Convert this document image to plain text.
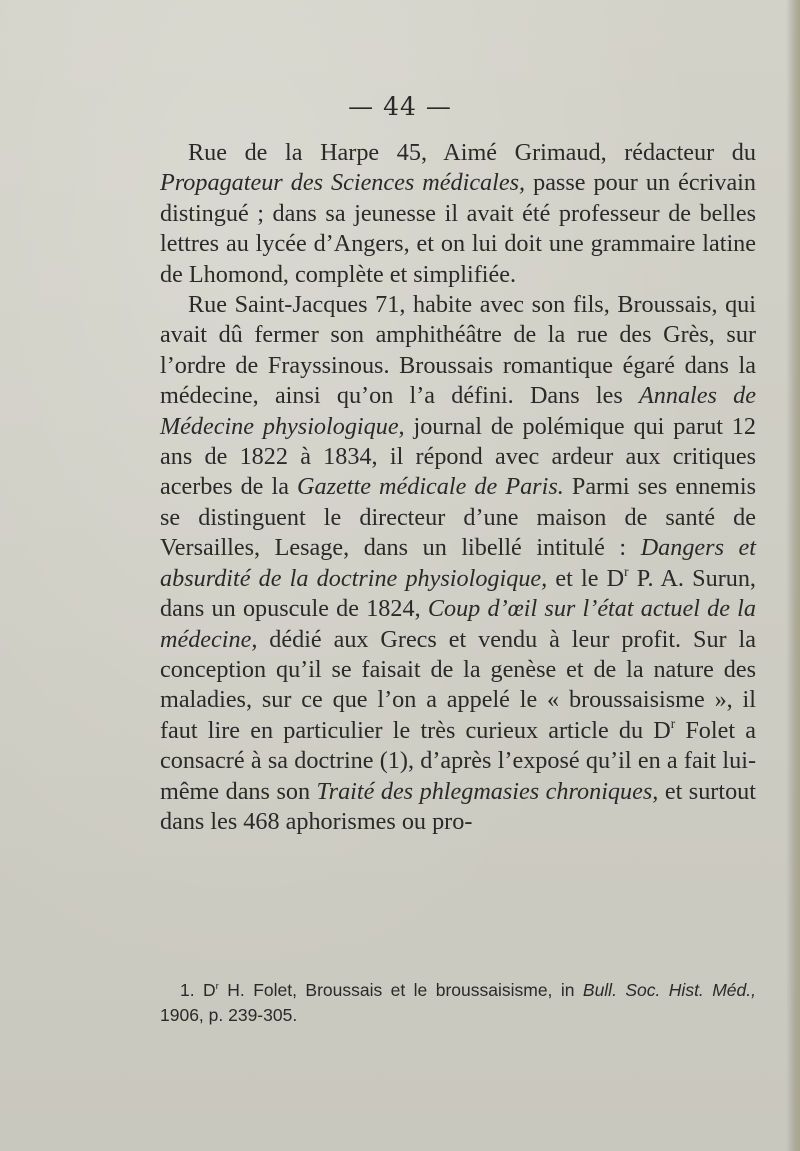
— 44 —

Rue de la Harpe 45, Aimé Grimaud, rédacteur du Propagateur des Sciences médicales, passe pour un écrivain distingué ; dans sa jeunesse il avait été professeur de belles lettres au lycée d’Angers, et on lui doit une grammaire latine de Lhomond, complète et simplifiée.

Rue Saint-Jacques 71, habite avec son fils, Broussais, qui avait dû fermer son amphithéâtre de la rue des Grès, sur l’ordre de Frayssinous. Broussais romantique égaré dans la médecine, ainsi qu’on l’a défini. Dans les Annales de Médecine physiologique, journal de polémique qui parut 12 ans de 1822 à 1834, il répond avec ardeur aux critiques acerbes de la Gazette médicale de Paris. Parmi ses ennemis se distinguent le directeur d’une maison de santé de Versailles, Lesage, dans un libellé intitulé : Dangers et absurdité de la doctrine physiologique, et le $D^r$ P. A. Surun, dans un opuscule de 1824, Coup d’œil sur l’état actuel de la médecine, dédié aux Grecs et vendu à leur profit. Sur la conception qu’il se faisait de la genèse et de la nature des maladies, sur ce que l’on a appelé le « broussaisisme », il faut lire en particulier le très curieux article du $D^r$ Folet a consacré à sa doctrine (1), d’après l’exposé qu’il en a fait lui-même dans son Traité des phlegmasies chroniques, et surtout dans les 468 aphorismes ou pro-

1. $D^r$ H. Folet, Broussais et le broussaisisme, in Bull. Soc. Hist. Méd., 1906, p. 239-305.
